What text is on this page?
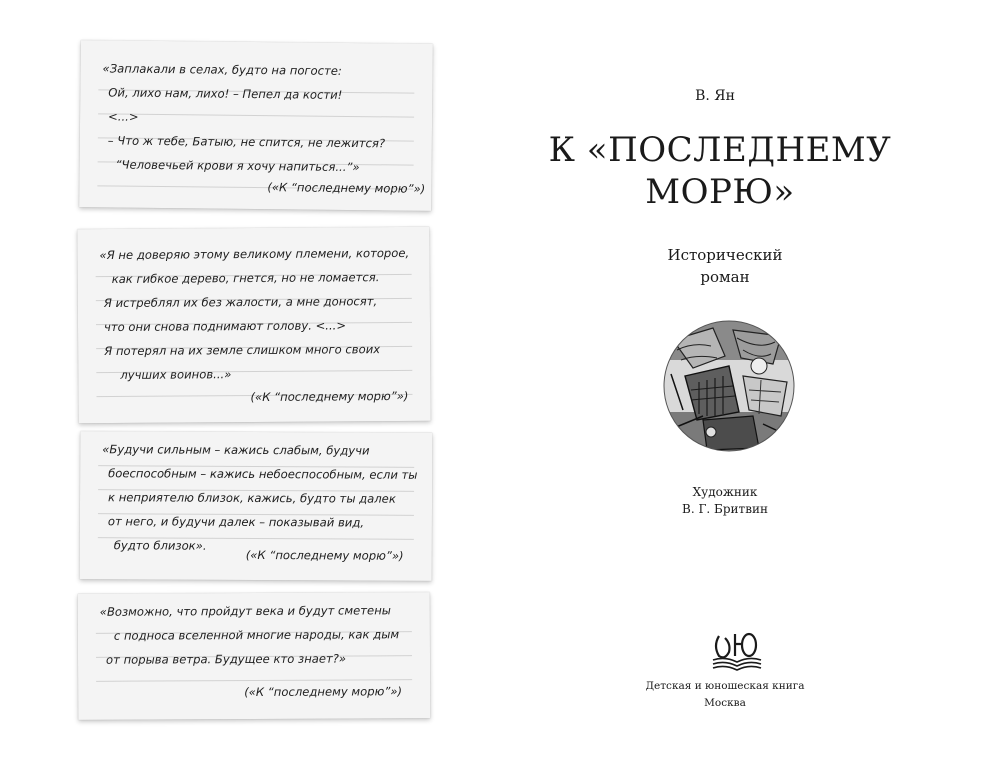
«Заплакали в селах, будто на погосте:
Ой, лихо нам, лихо! – Пепел да кости!
<...>
– Что ж тебе, Батыю, не спится, не лежится?
“Человечьей крови я хочу напиться...”»
(«К “последнему морю”»)
«Я не доверяю этому великому племени, которое,
как гибкое дерево, гнется, но не ломается.
Я истреблял их без жалости, а мне доносят,
что они снова поднимают голову. <...>
Я потерял на их земле слишком много своих
лучших воинов...»
(«К “последнему морю”»)
«Будучи сильным – кажись слабым, будучи
боеспособным – кажись небоеспособным, если ты
к неприятелю близок, кажись, будто ты далек
от него, и будучи далек – показывай вид,
будто близок».
(«К “последнему морю”»)
«Возможно, что пройдут века и будут сметены
с подноса вселенной многие народы, как дым
от порыва ветра. Будущее кто знает?»
(«К “последнему морю”»)
В. Ян
К «ПОСЛЕДНЕМУ
МОРЮ»
Исторический
роман
Художник
В. Г. Бритвин
Детская и юношеская книга
Москва
